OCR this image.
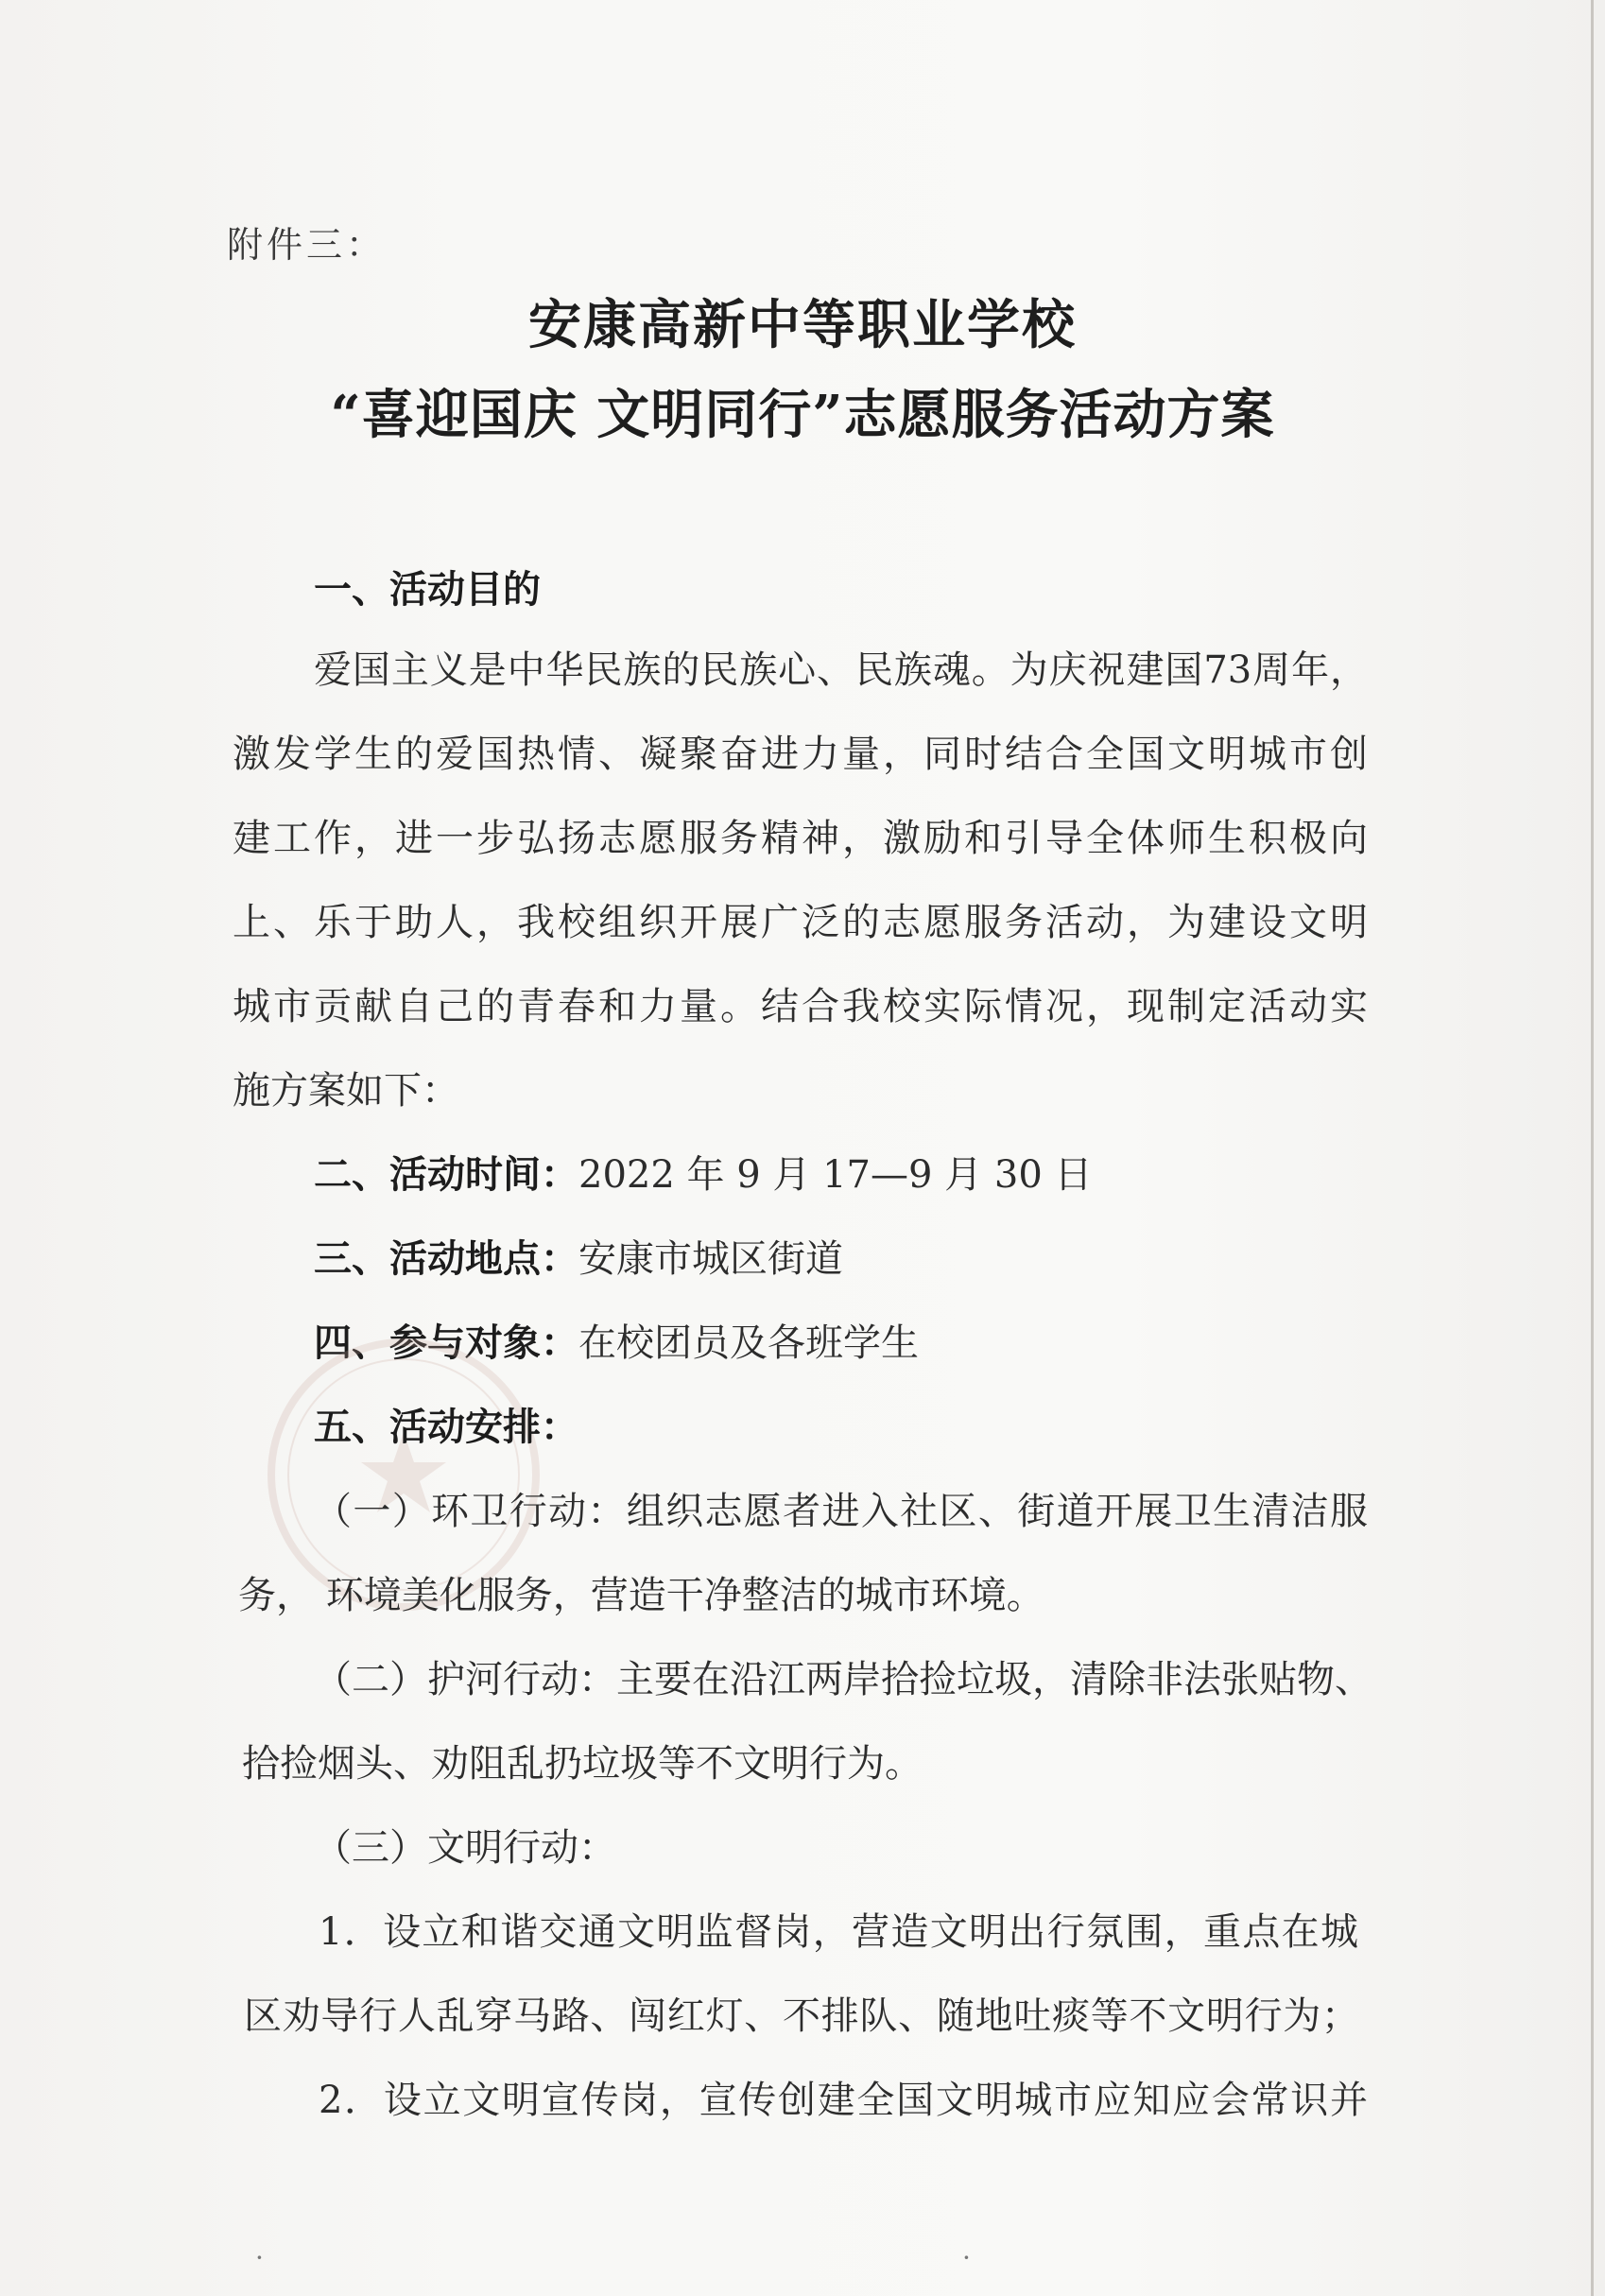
附件三：
安康高新中等职业学校
“喜迎国庆 文明同行”志愿服务活动方案
一、活动目的
爱国主义是中华民族的民族心、民族魂。为庆祝建国73周年，
激发学生的爱国热情、凝聚奋进力量，同时结合全国文明城市创
建工作，进一步弘扬志愿服务精神，激励和引导全体师生积极向
上、乐于助人，我校组织开展广泛的志愿服务活动，为建设文明
城市贡献自己的青春和力量。结合我校实际情况，现制定活动实
施方案如下：
二、活动时间：2022 年 9 月 17—9 月 30 日
三、活动地点：安康市城区街道
四、参与对象：在校团员及各班学生
五、活动安排：
（一）环卫行动：组织志愿者进入社区、街道开展卫生清洁服
务， 环境美化服务，营造干净整洁的城市环境。
（二）护河行动：主要在沿江两岸拾捡垃圾，清除非法张贴物、
拾捡烟头、劝阻乱扔垃圾等不文明行为。
（三）文明行动：
1．设立和谐交通文明监督岗，营造文明出行氛围，重点在城
区劝导行人乱穿马路、闯红灯、不排队、随地吐痰等不文明行为；
2．设立文明宣传岗，宣传创建全国文明城市应知应会常识并
·	·
